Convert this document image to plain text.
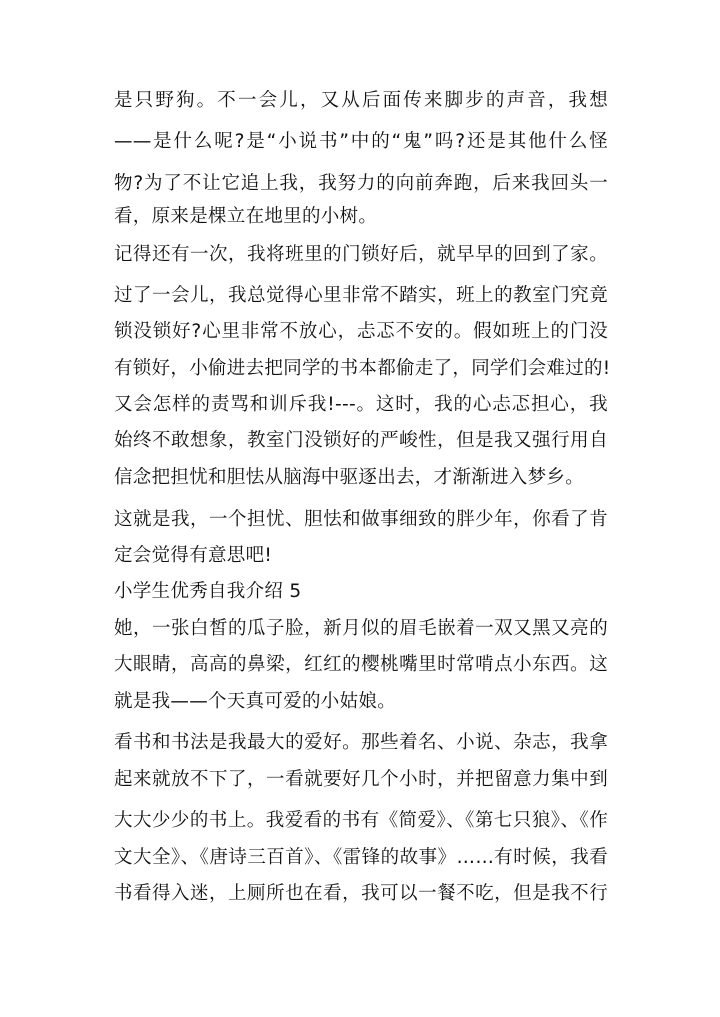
是只野狗。不一会儿，又从后面传来脚步的声音，我想
——是什么呢?是“小说书”中的“鬼”吗?还是其他什么怪
物?为了不让它追上我，我努力的向前奔跑，后来我回头一
看，原来是棵立在地里的小树。
记得还有一次，我将班里的门锁好后，就早早的回到了家。
过了一会儿，我总觉得心里非常不踏实，班上的教室门究竟
锁没锁好?心里非常不放心，忐忑不安的。假如班上的门没
有锁好，小偷进去把同学的书本都偷走了，同学们会难过的!
又会怎样的责骂和训斥我!---。这时，我的心忐忑担心，我
始终不敢想象，教室门没锁好的严峻性，但是我又强行用自
信念把担忧和胆怯从脑海中驱逐出去，才渐渐进入梦乡。
这就是我，一个担忧、胆怯和做事细致的胖少年，你看了肯
定会觉得有意思吧!
小学生优秀自我介绍 5
她，一张白皙的瓜子脸，新月似的眉毛嵌着一双又黑又亮的
大眼睛，高高的鼻梁，红红的樱桃嘴里时常啃点小东西。这
就是我——个天真可爱的小姑娘。
看书和书法是我最大的爱好。那些着名、小说、杂志，我拿
起来就放不下了，一看就要好几个小时，并把留意力集中到
大大少少的书上。我爱看的书有《简爱》、《第七只狼》、《作
文大全》、《唐诗三百首》、《雷锋的故事》……有时候，我看
书看得入迷，上厕所也在看，我可以一餐不吃，但是我不行
